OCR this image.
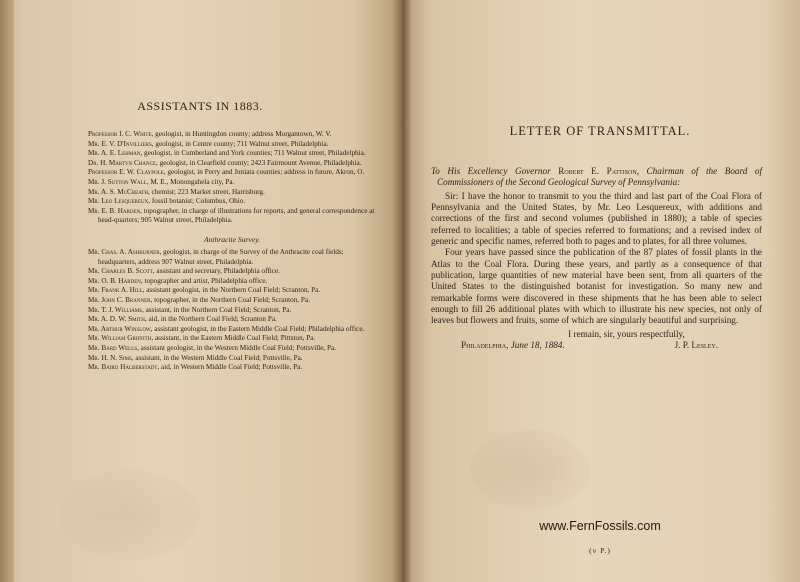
ASSISTANTS IN 1883.
Professor I. C. White, geologist, in Huntingdon county; address Morgantown, W. V.
Mr. E. V. D'Invilliers, geologist, in Centre county; 711 Walnut street, Philadelphia.
Mr. A. E. Lehman, geologist, in Cumberland and York counties; 711 Walnut street, Philadelphia.
Dr. H. Martyn Chance, geologist, in Clearfield county; 2423 Fairmount Avenue, Philadelphia.
Professor E. W. Claypole, geologist, in Perry and Juniata counties; address in future, Akron, O.
Mr. J. Sutton Wall, M. E., Monongahela city, Pa.
Mr. A. S. McCreath, chemist; 223 Market street, Harrisburg.
Mr. Leo Lesquereux, fossil botanist; Columbus, Ohio.
Mr. E. B. Harden, topographer, in charge of illustrations for reports, and general correspondence at head-quarters; 905 Walnut street, Philadelphia.
Anthracite Survey.
Mr. Chas. A. Ashburner, geologist, in charge of the Survey of the Anthracite coal fields; headquarters, address 907 Walnut street, Philadelphia.
Mr. Charles B. Scott, assistant and secretary, Philadelphia office.
Mr. O. B. Harden, topographer and artist, Philadelphia office.
Mr. Frank A. Hill, assistant geologist, in the Northern Coal Field; Scranton, Pa.
Mr. John C. Branner, topographer, in the Northern Coal Field; Scranton, Pa.
Mr. T. J. Williams, assistant, in the Northern Coal Field; Scranton, Pa.
Mr. A. D. W. Smith, aid, in the Northern Coal Field; Scranton Pa.
Mr. Arthur Winslow, assistant geologist, in the Eastern Middle Coal Field; Philadelphia office.
Mr. William Griffith, assistant, in the Eastern Middle Coal Field; Pittston, Pa.
Mr. Bard Wells, assistant geologist, in the Western Middle Coal Field; Pottsville, Pa.
Mr. H. N. Sims, assistant, in the Western Middle Coal Field; Pottsville, Pa.
Mr. Baird Halberstadt, aid, in Western Middle Coal Field; Pottsville, Pa.
LETTER OF TRANSMITTAL.

To His Excellency Governor Robert E. Pattison, Chairman of the Board of Commissioners of the Second Geological Survey of Pennsylvania:

Sir: I have the honor to transmit to you the third and last part of the Coal Flora of Pennsylvania and the United States, by Mr. Leo Lesquereux, with additions and corrections of the first and second volumes (published in 1880); a table of species referred to localities; a table of species referred to formations; and a revised index of generic and specific names, referred both to pages and to plates, for all three volumes.

Four years have passed since the publication of the 87 plates of fossil plants in the Atlas to the Coal Flora. During these years, and partly as a consequence of that publication, large quantities of new material have been sent, from all quarters of the United States to the distinguished botanist for investigation. So many new and remarkable forms were discovered in these shipments that he has been able to select enough to fill 26 additional plates with which to illustrate his new species, not only of leaves but flowers and fruits, some of which are singularly beautiful and surprising.

I remain, sir, yours respectfully,

Philadelphia, June 18, 1884.	J. P. Lesley.
www.FernFossils.com
(v P.)
